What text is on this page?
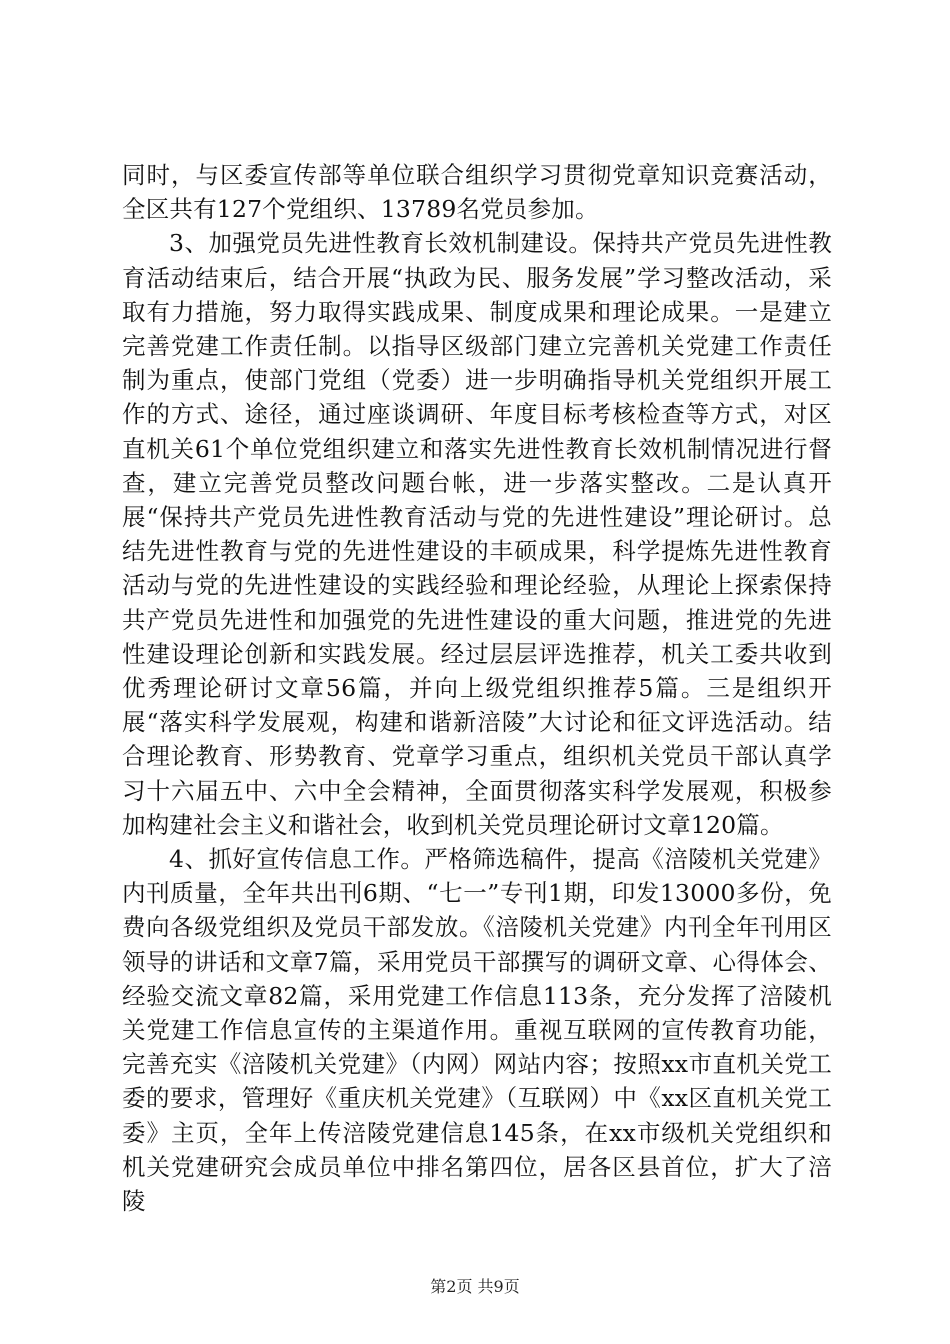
同时，与区委宣传部等单位联合组织学习贯彻党章知识竞赛活动，全区共有127个党组织、13789名党员参加。

3、加强党员先进性教育长效机制建设。保持共产党员先进性教育活动结束后，结合开展“执政为民、服务发展”学习整改活动，采取有力措施，努力取得实践成果、制度成果和理论成果。一是建立完善党建工作责任制。以指导区级部门建立完善机关党建工作责任制为重点，使部门党组（党委）进一步明确指导机关党组织开展工作的方式、途径，通过座谈调研、年度目标考核检查等方式，对区直机关61个单位党组织建立和落实先进性教育长效机制情况进行督查，建立完善党员整改问题台帐，进一步落实整改。二是认真开展“保持共产党员先进性教育活动与党的先进性建设”理论研讨。总结先进性教育与党的先进性建设的丰硕成果，科学提炼先进性教育活动与党的先进性建设的实践经验和理论经验，从理论上探索保持共产党员先进性和加强党的先进性建设的重大问题，推进党的先进性建设理论创新和实践发展。经过层层评选推荐，机关工委共收到优秀理论研讨文章56篇，并向上级党组织推荐5篇。三是组织开展“落实科学发展观，构建和谐新涪陵”大讨论和征文评选活动。结合理论教育、形势教育、党章学习重点，组织机关党员干部认真学习十六届五中、六中全会精神，全面贯彻落实科学发展观，积极参加构建社会主义和谐社会，收到机关党员理论研讨文章120篇。

4、抓好宣传信息工作。严格筛选稿件，提高《涪陵机关党建》内刊质量，全年共出刊6期、“七一”专刊1期，印发13000多份，免费向各级党组织及党员干部发放。《涪陵机关党建》内刊全年刊用区领导的讲话和文章7篇，采用党员干部撰写的调研文章、心得体会、经验交流文章82篇，采用党建工作信息113条，充分发挥了涪陵机关党建工作信息宣传的主渠道作用。重视互联网的宣传教育功能，完善充实《涪陵机关党建》（内网）网站内容；按照xx市直机关党工委的要求，管理好《重庆机关党建》（互联网）中《xx区直机关党工委》主页，全年上传涪陵党建信息145条，在xx市级机关党组织和机关党建研究会成员单位中排名第四位，居各区县首位，扩大了涪陵

第2页 共9页
